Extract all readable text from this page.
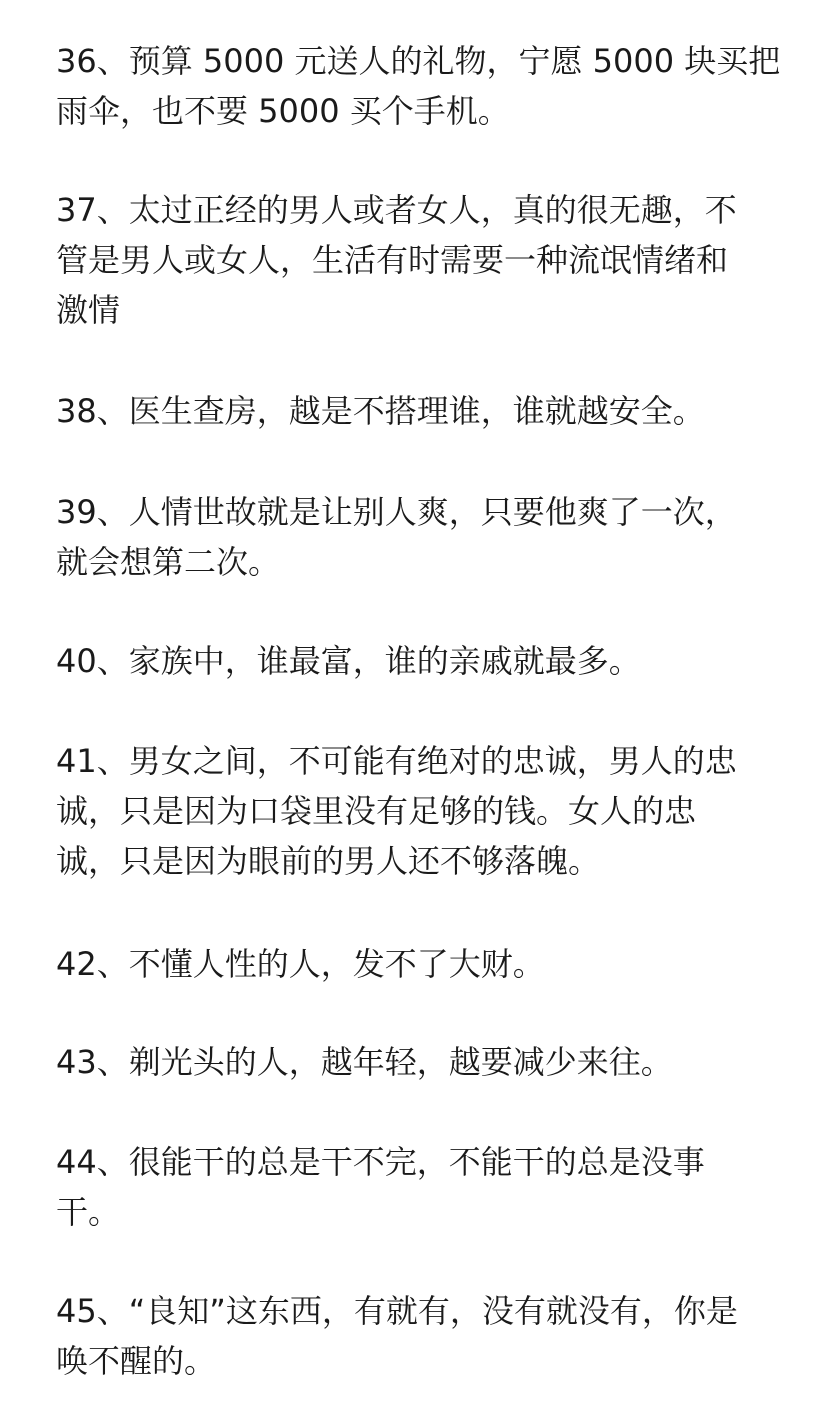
36、预算 5000 元送人的礼物，宁愿 5000 块买把
雨伞，也不要 5000 买个手机。
37、太过正经的男人或者女人，真的很无趣，不
管是男人或女人，生活有时需要一种流氓情绪和
激情
38、医生查房，越是不搭理谁，谁就越安全。
39、人情世故就是让别人爽，只要他爽了一次，
就会想第二次。
40、家族中，谁最富，谁的亲戚就最多。
41、男女之间，不可能有绝对的忠诚，男人的忠
诚，只是因为口袋里没有足够的钱。女人的忠
诚，只是因为眼前的男人还不够落魄。
42、不懂人性的人，发不了大财。
43、剃光头的人，越年轻，越要减少来往。
44、很能干的总是干不完，不能干的总是没事
干。
45、“良知”这东西，有就有，没有就没有，你是
唤不醒的。
